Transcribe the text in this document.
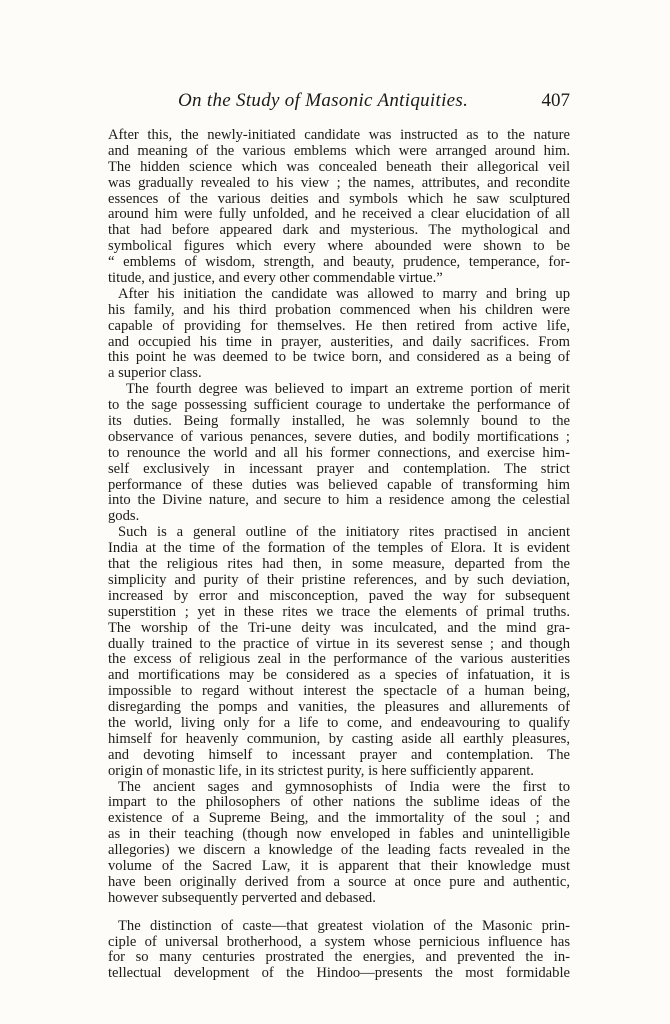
On the Study of Masonic Antiquities.	407
After this, the newly-initiated candidate was instructed as to the nature
and meaning of the various emblems which were arranged around him.
The hidden science which was concealed beneath their allegorical veil
was gradually revealed to his view ; the names, attributes, and recondite
essences of the various deities and symbols which he saw sculptured
around him were fully unfolded, and he received a clear elucidation of all
that had before appeared dark and mysterious. The mythological and
symbolical figures which every where abounded were shown to be
“ emblems of wisdom, strength, and beauty, prudence, temperance, for-
titude, and justice, and every other commendable virtue.”
After his initiation the candidate was allowed to marry and bring up
his family, and his third probation commenced when his children were
capable of providing for themselves. He then retired from active life,
and occupied his time in prayer, austerities, and daily sacrifices. From
this point he was deemed to be twice born, and considered as a being of
a superior class.
The fourth degree was believed to impart an extreme portion of merit
to the sage possessing sufficient courage to undertake the performance of
its duties. Being formally installed, he was solemnly bound to the
observance of various penances, severe duties, and bodily mortifications ;
to renounce the world and all his former connections, and exercise him-
self exclusively in incessant prayer and contemplation. The strict
performance of these duties was believed capable of transforming him
into the Divine nature, and secure to him a residence among the celestial
gods.
Such is a general outline of the initiatory rites practised in ancient
India at the time of the formation of the temples of Elora. It is evident
that the religious rites had then, in some measure, departed from the
simplicity and purity of their pristine references, and by such deviation,
increased by error and misconception, paved the way for subsequent
superstition ; yet in these rites we trace the elements of primal truths.
The worship of the Tri-une deity was inculcated, and the mind gra-
dually trained to the practice of virtue in its severest sense ; and though
the excess of religious zeal in the performance of the various austerities
and mortifications may be considered as a species of infatuation, it is
impossible to regard without interest the spectacle of a human being,
disregarding the pomps and vanities, the pleasures and allurements of
the world, living only for a life to come, and endeavouring to qualify
himself for heavenly communion, by casting aside all earthly pleasures,
and devoting himself to incessant prayer and contemplation. The
origin of monastic life, in its strictest purity, is here sufficiently apparent.
The ancient sages and gymnosophists of India were the first to
impart to the philosophers of other nations the sublime ideas of the
existence of a Supreme Being, and the immortality of the soul ; and
as in their teaching (though now enveloped in fables and unintelligible
allegories) we discern a knowledge of the leading facts revealed in the
volume of the Sacred Law, it is apparent that their knowledge must
have been originally derived from a source at once pure and authentic,
however subsequently perverted and debased.
The distinction of caste—that greatest violation of the Masonic prin-
ciple of universal brotherhood, a system whose pernicious influence has
for so many centuries prostrated the energies, and prevented the in-
tellectual development of the Hindoo—presents the most formidable
